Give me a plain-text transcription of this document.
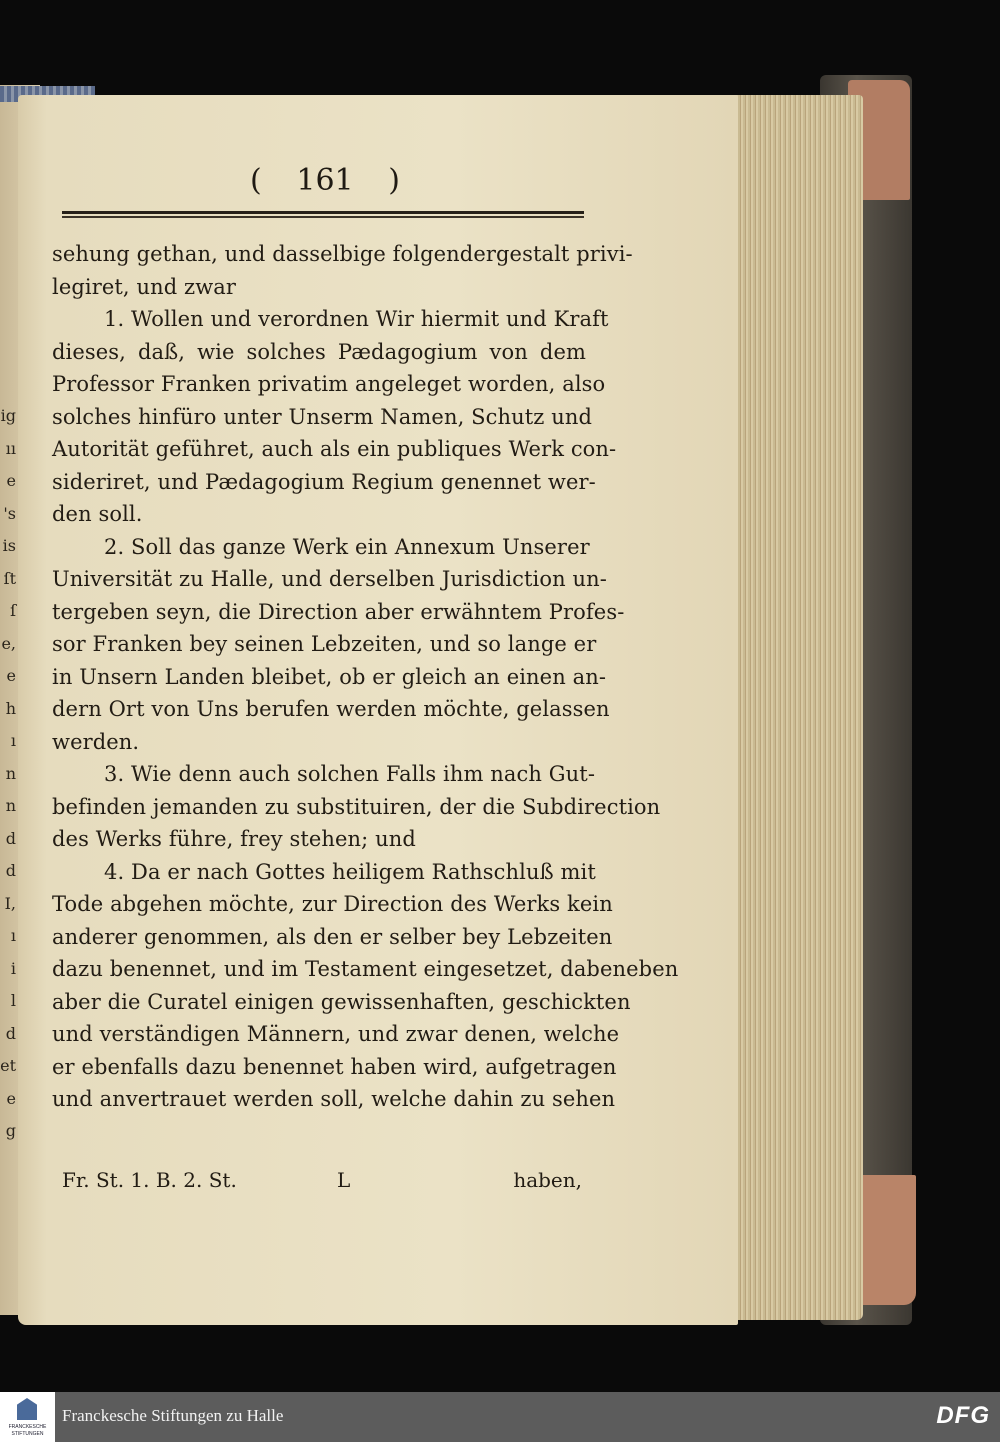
ig
ıı
e
's
is
ſt
ſ
e,
e
h
ı
n
n
d
d
I,
ı
i
l
d
et
e
g
( 161 )
sehung gethan, und dasselbige folgendergestalt privi-
legiret, und zwar
1. Wollen und verordnen Wir hiermit und Kraft
dieses, daß, wie solches Pædagogium von dem
Professor Franken privatim angeleget worden, also
solches hinfüro unter Unserm Namen, Schutz und
Autorität geführet, auch als ein publiques Werk con-
sideriret, und Pædagogium Regium genennet wer-
den soll.
2. Soll das ganze Werk ein Annexum Unserer
Universität zu Halle, und derselben Jurisdiction un-
tergeben seyn, die Direction aber erwähntem Profes-
sor Franken bey seinen Lebzeiten, und so lange er
in Unsern Landen bleibet, ob er gleich an einen an-
dern Ort von Uns berufen werden möchte, gelassen
werden.
3. Wie denn auch solchen Falls ihm nach Gut-
befinden jemanden zu substituiren, der die Subdirection
des Werks führe, frey stehen; und
4. Da er nach Gottes heiligem Rathschluß mit
Tode abgehen möchte, zur Direction des Werks kein
anderer genommen, als den er selber bey Lebzeiten
dazu benennet, und im Testament eingesetzet, dabeneben
aber die Curatel einigen gewissenhaften, geschickten
und verständigen Männern, und zwar denen, welche
er ebenfalls dazu benennet haben wird, aufgetragen
und anvertrauet werden soll, welche dahin zu sehen
Fr. St. 1. B. 2. St.	L	haben,
FRANCKESCHE
STIFTUNGEN
Franckesche Stiftungen zu Halle	DFG
